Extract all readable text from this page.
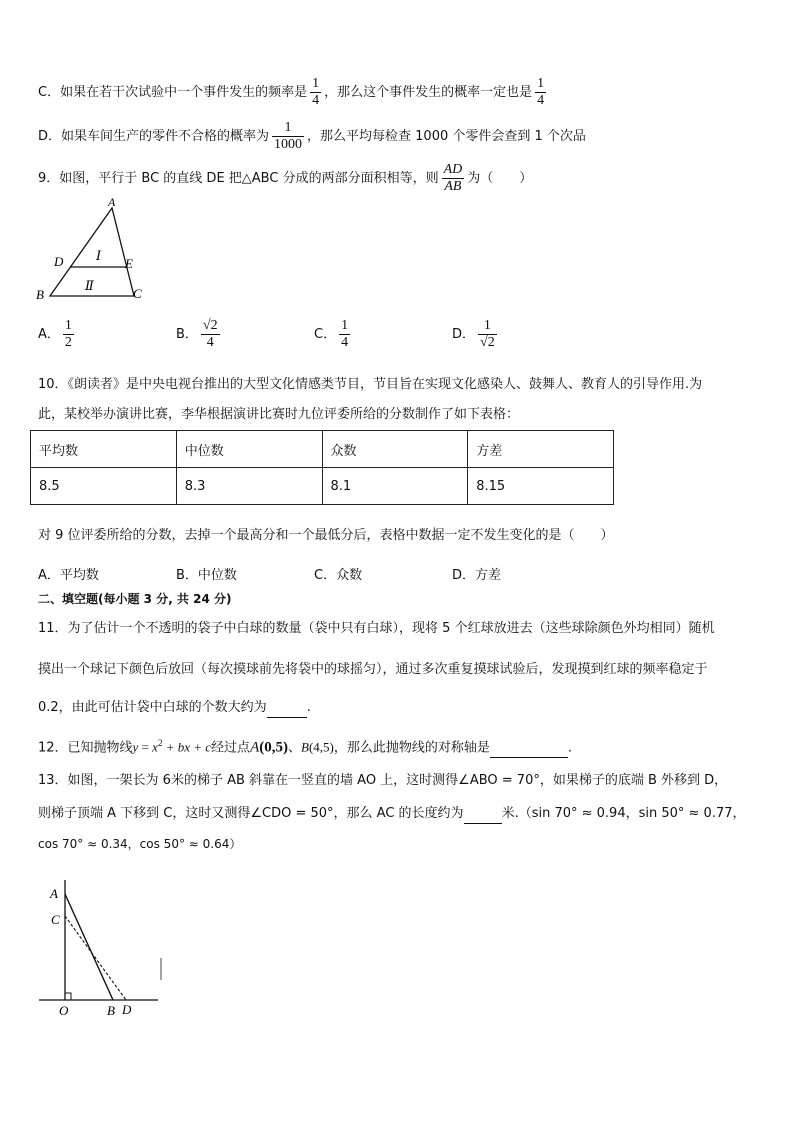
C．如果在若干次试验中一个事件发生的频率是 $\frac{1}{4}$ ，那么这个事件发生的概率一定也是 $\frac{1}{4}$
D．如果车间生产的零件不合格的概率为 $\frac{1}{1000}$ ，那么平均每检查 1000 个零件会查到 1 个次品
9．如图，平行于 BC 的直线 DE 把△ABC 分成的两部分面积相等，则 $\frac{AD}{AB}$ 为（　　）
A
D	E
B	C
Ⅰ
Ⅱ
A． $\frac{1}{2}$	B． $\frac{√2}{4}$	C． $\frac{1}{4}$	D． $\frac{1}{√2}$
10．《朗读者》是中央电视台推出的大型文化情感类节目，节目旨在实现文化感染人、鼓舞人、教育人的引导作用.为
此，某校举办演讲比赛，李华根据演讲比赛时九位评委所给的分数制作了如下表格：
平均数	中位数	众数	方差
8.5	8.3	8.1	8.15
对 9 位评委所给的分数，去掉一个最高分和一个最低分后，表格中数据一定不发生变化的是（　　）
A．平均数	B．中位数	C．众数	D．方差
二、填空题(每小题 3 分, 共 24 分)
11．为了估计一个不透明的袋子中白球的数量（袋中只有白球），现将 5 个红球放进去（这些球除颜色外均相同）随机
摸出一个球记下颜色后放回（每次摸球前先将袋中的球摇匀），通过多次重复摸球试验后，发现摸到红球的频率稳定于
0.2，由此可估计袋中白球的个数大约为	.
12．已知抛物线$y = x^2$ + bx + c经过点A(0,5)、B(4,5)，那么此抛物线的对称轴是	.
13．如图，一架长为 6米的梯子 AB 斜靠在一竖直的墙 AO 上，这时测得∠ABO = 70°，如果梯子的底端 B 外移到 D，
则梯子顶端 A 下移到 C，这时又测得∠CDO = 50°，那么 AC 的长度约为	米.（sin 70° ≈ 0.94，sin 50° ≈ 0.77，
cos 70° ≈ 0.34，cos 50° ≈ 0.64）
A
C
O	B D
